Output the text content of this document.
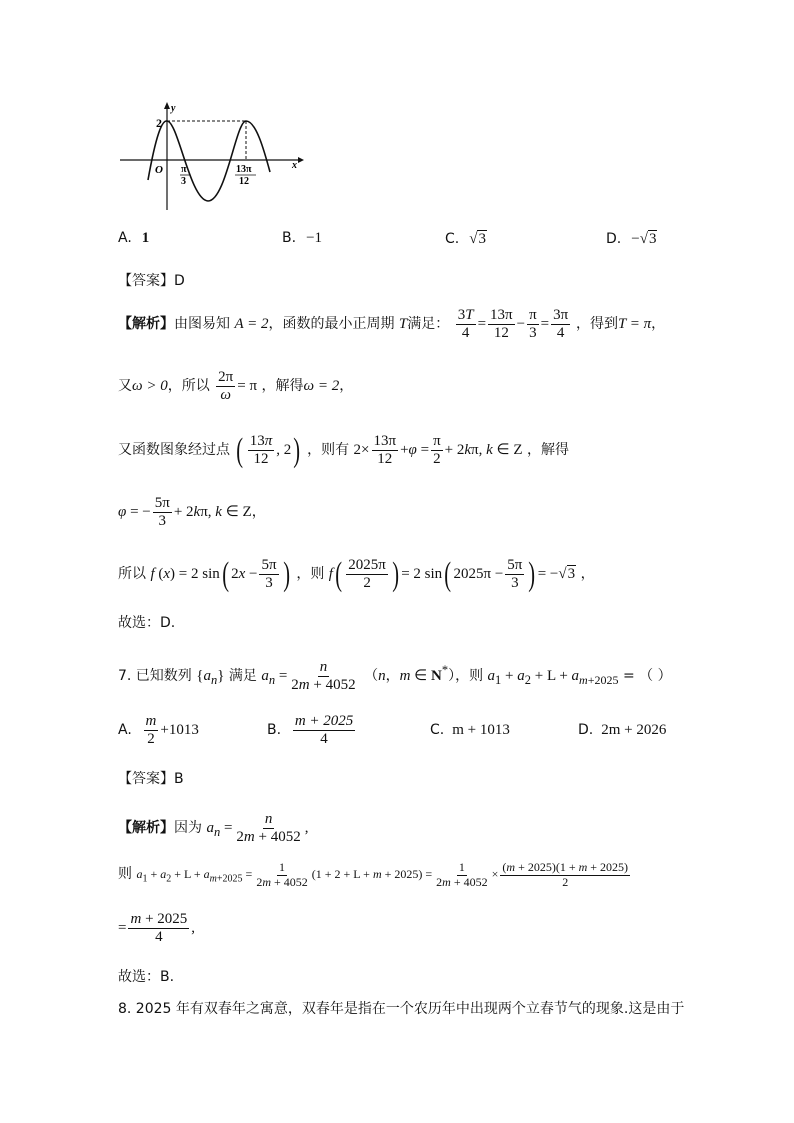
y
x
O
2
π
3
13π
12
A. 1	B. −1	C. √3	D. −√3
【答案】D
【解析】由图易知 A = 2，函数的最小正周期 T满足： $\frac{3T}{4} = \frac{13\pi}{12} - \frac{\pi}{3} = \frac{3\pi}{4}$ ，得到T = π，
又ω > 0，所以 $\frac{2\pi}{\omega} = \pi$ ，解得ω = 2，
又函数图象经过点 ( $\frac{13\pi}{12}$ , 2) ，则有 $2\times \frac{13\pi}{12} +\varphi = \frac{\pi}{2} + 2k\pi$, k ∈ Z ，解得
φ = − $\frac{5\pi}{3} + 2k\pi$, k ∈ Z，
所以 f (x) = 2 sin( $2x - \frac{5\pi}{3}$ ) ，则 $f( \frac{2025\pi}{2}$ ) = 2 sin( $2025\pi - \frac{5\pi}{3}$ ) = −√3 ，
故选：D.
7. 已知数列 $\{a_n\}$ 满足 $a_n = \frac{n}{2m + 4052} (n$，m ∈ N*），则 $a_1 + a_2 + L + a_{m+2025}$ = （ ）
A. $\frac{m}{2} +1013$	B. $\frac{m + 2025}{4}$	C. m + 1013	D. 2m + 2026
【答案】B
【解析】因为 $a_n = \frac{n}{2m + 4052}$ ,
则 $a_1 + a_2 + L + a_{m+2025} = \frac{1}{2m + 4052} (1 + 2 + L + m + 2025) = \frac{1}{2m + 4052} \times \frac{(m + 2025)(1 + m + 2025)}{2}$
= $\frac{m + 2025}{4}$ ,
故选：B.
8. 2025 年有双春年之寓意，双春年是指在一个农历年中出现两个立春节气的现象.这是由于
